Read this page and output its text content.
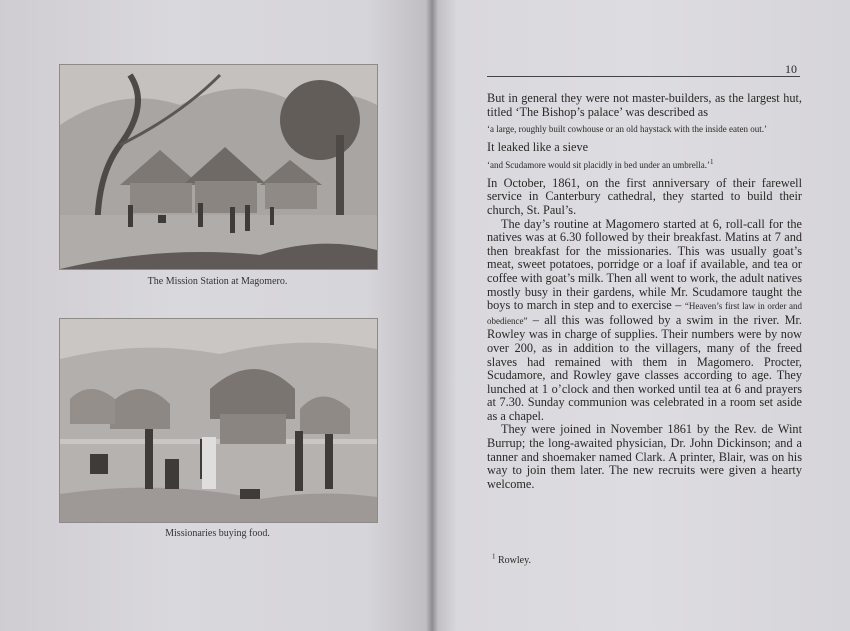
The Mission Station at Magomero.
Missionaries buying food.
10

But in general they were not master-builders, as the largest hut, titled ‘The Bishop’s palace’ was described as

‘a large, roughly built cowhouse or an old haystack with the inside eaten out.’

It leaked like a sieve

‘and Scudamore would sit placidly in bed under an umbrella.’$^1$

In October, 1861, on the first anniversary of their farewell service in Canterbury cathedral, they started to build their church, St. Paul’s.

The day’s routine at Magomero started at 6, roll-call for the natives was at 6.30 followed by their breakfast. Matins at 7 and then breakfast for the missionaries. This was usually goat’s meat, sweet potatoes, porridge or a loaf if available, and tea or coffee with goat’s milk. Then all went to work, the adult natives mostly busy in their gardens, while Mr. Scudamore taught the boys to march in step and to exercise – “Heaven’s first law in order and obedience” – all this was followed by a swim in the river. Mr. Rowley was in charge of supplies. Their numbers were by now over 200, as in addition to the villagers, many of the freed slaves had remained with them in Magomero. Procter, Scudamore, and Rowley gave classes according to age. They lunched at 1 o’clock and then worked until tea at 6 and prayers at 7.30. Sunday communion was celebrated in a room set aside as a chapel.

They were joined in November 1861 by the Rev. de Wint Burrup; the long-awaited physician, Dr. John Dickinson; and a tanner and shoemaker named Clark. A printer, Blair, was on his way to join them later. The new recruits were given a hearty welcome.

$^1$ Rowley.
